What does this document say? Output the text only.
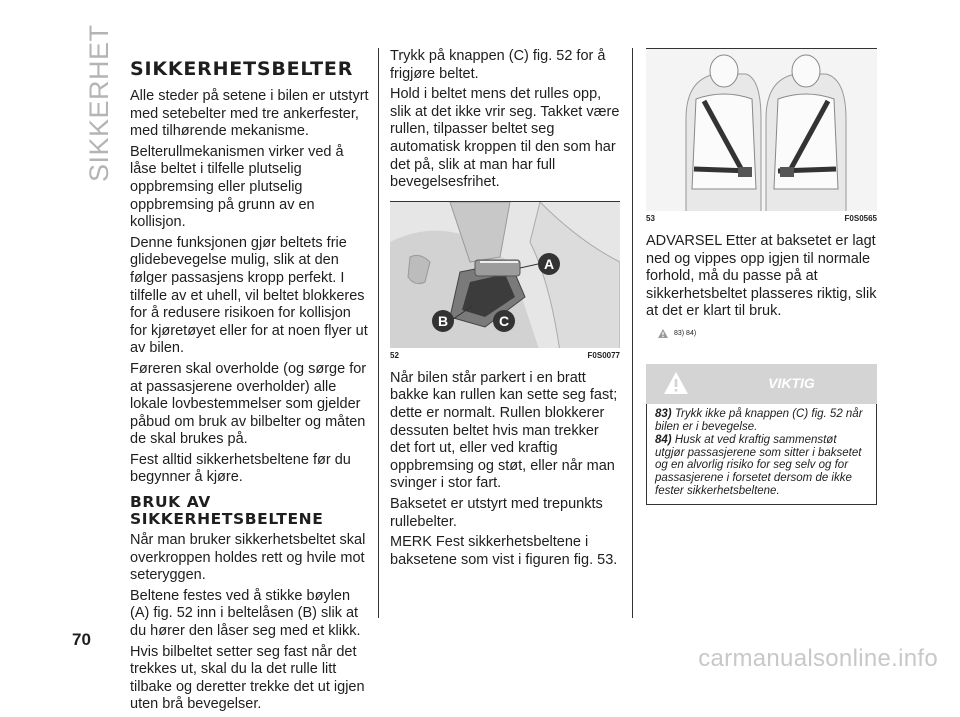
SIKKERHET
70
SIKKERHETSBELTER

Alle steder på setene i bilen er utstyrt med setebelter med tre ankerfester, med tilhørende mekanisme.

Belterullmekanismen virker ved å låse beltet i tilfelle plutselig oppbremsing eller plutselig oppbremsing på grunn av en kollisjon.

Denne funksjonen gjør beltets frie glidebevegelse mulig, slik at den følger passasjens kropp perfekt. I tilfelle av et uhell, vil beltet blokkeres for å redusere risikoen for kollisjon for kjøretøyet eller for at noen flyer ut av bilen.

Føreren skal overholde (og sørge for at passasjerene overholder) alle lokale lovbestemmelser som gjelder påbud om bruk av bilbelter og måten de skal brukes på.

Fest alltid sikkerhetsbeltene før du begynner å kjøre.

BRUK AV
SIKKERHETSBELTENE

Når man bruker sikkerhetsbeltet skal overkroppen holdes rett og hvile mot seteryggen.

Beltene festes ved å stikke bøylen (A) fig. 52 inn i beltelåsen (B) slik at du hører den låser seg med et klikk.

Hvis bilbeltet setter seg fast når det trekkes ut, skal du la det rulle litt tilbake og deretter trekke det ut igjen uten brå bevegelser.

Trykk på knappen (C) fig. 52 for å frigjøre beltet.

Hold i beltet mens det rulles opp, slik at det ikke vrir seg. Takket være rullen, tilpasser beltet seg automatisk kroppen til den som har det på, slik at man har full bevegelsesfrihet.

A
B	C
52	F0S0077

Når bilen står parkert i en bratt bakke kan rullen kan sette seg fast; dette er normalt. Rullen blokkerer dessuten beltet hvis man trekker det fort ut, eller ved kraftig oppbremsing og støt, eller når man svinger i stor fart.

Baksetet er utstyrt med trepunkts rullebelter.

MERK Fest sikkerhetsbeltene i baksetene som vist i figuren fig. 53.

53	F0S0565

ADVARSEL Etter at baksetet er lagt ned og vippes opp igjen til normale forhold, må du passe på at sikkerhetsbeltet plasseres riktig, slik at det er klart til bruk.

83) 84)
VIKTIG

83) Trykk ikke på knappen (C) fig. 52 når bilen er i bevegelse.

84) Husk at ved kraftig sammenstøt utgjør passasjerene som sitter i baksetet og en alvorlig risiko for seg selv og for passasjerene i forsetet dersom de ikke fester sikkerhetsbeltene.

carmanualsonline.info
